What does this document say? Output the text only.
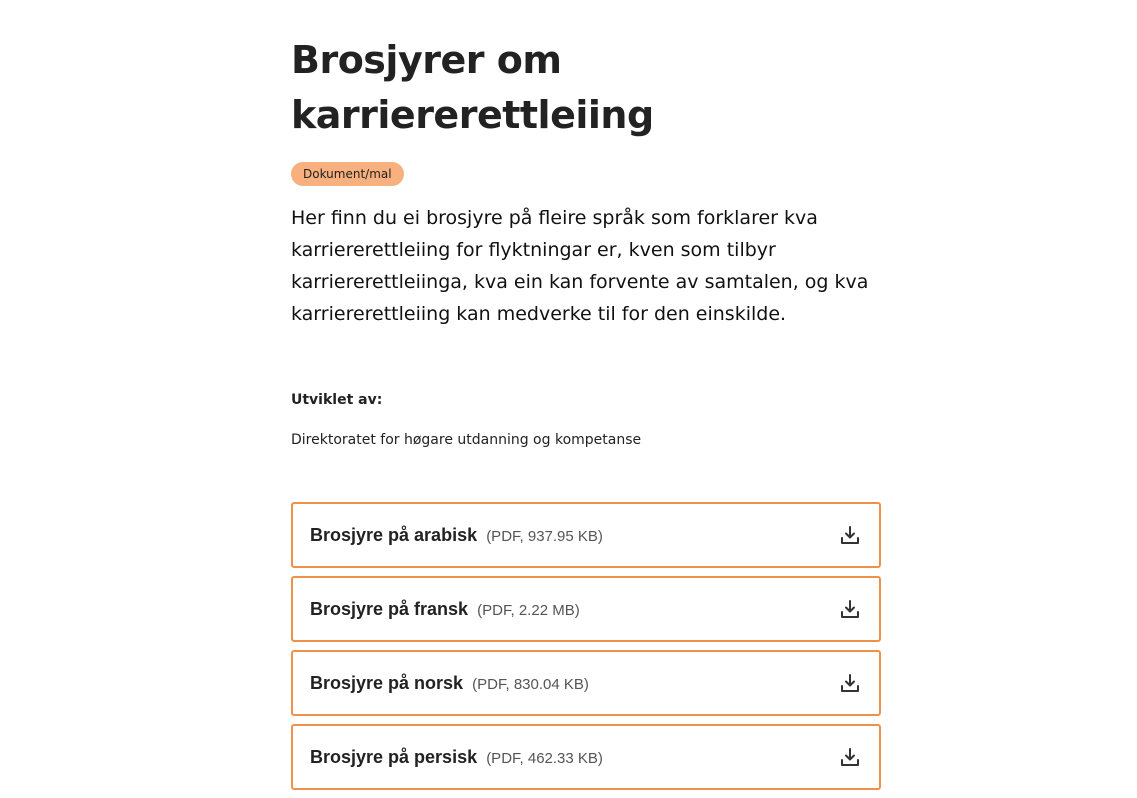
Brosjyrer om karriererettleiing
Dokument/mal

Her finn du ei brosjyre på fleire språk som forklarer kva karriererettleiing for flyktningar er, kven som tilbyr karriererettleiinga, kva ein kan forvente av samtalen, og kva karriererettleiing kan medverke til for den einskilde.

Utviklet av:
Direktoratet for høgare utdanning og kompetanse
Brosjyre på arabisk (PDF, 937.95 KB)
Brosjyre på fransk (PDF, 2.22 MB)
Brosjyre på norsk (PDF, 830.04 KB)
Brosjyre på persisk (PDF, 462.33 KB)
